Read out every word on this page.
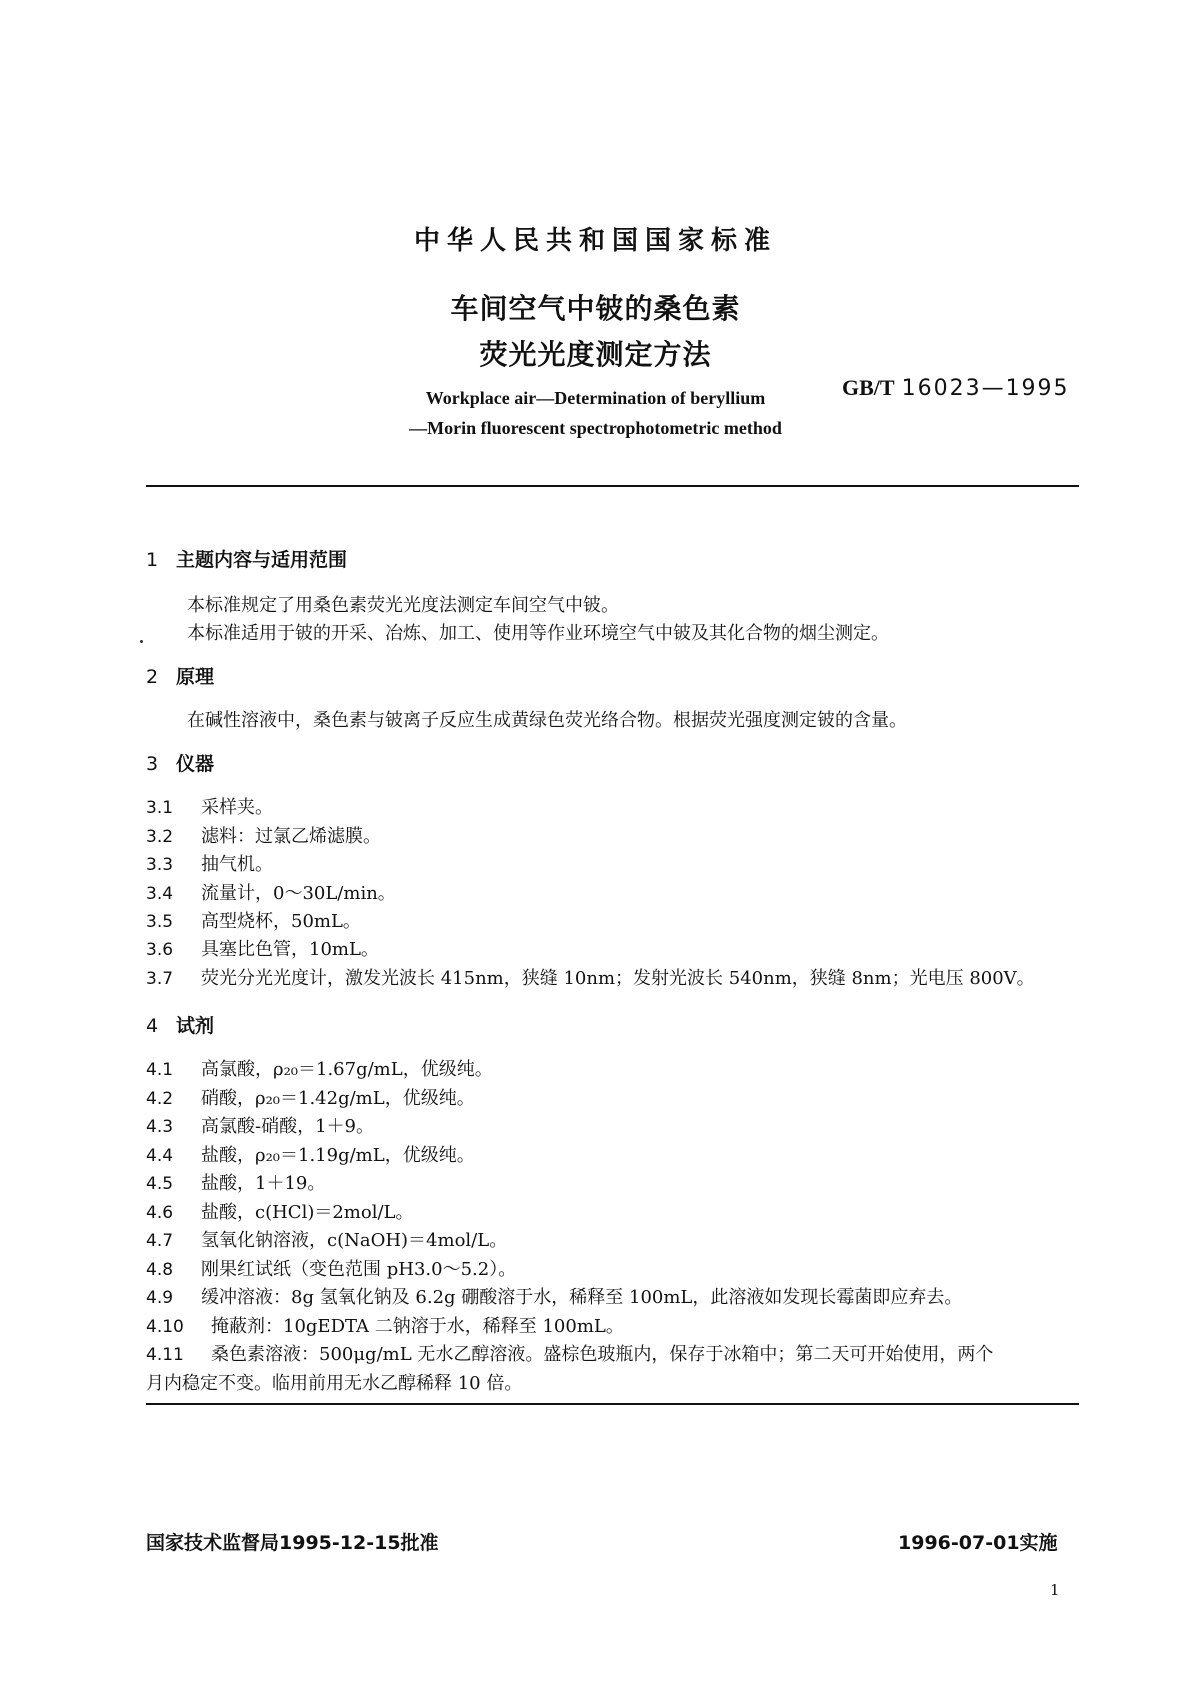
中华人民共和国国家标准
车间空气中铍的桑色素
荧光光度测定方法
GB/T 16023—1995
Workplace air—Determination of beryllium
—Morin fluorescent spectrophotometric method
1 主题内容与适用范围
本标准规定了用桑色素荧光光度法测定车间空气中铍。
本标准适用于铍的开采、冶炼、加工、使用等作业环境空气中铍及其化合物的烟尘测定。
2 原理
在碱性溶液中，桑色素与铍离子反应生成黄绿色荧光络合物。根据荧光强度测定铍的含量。
3 仪器
3.1 采样夹。
3.2 滤料：过氯乙烯滤膜。
3.3 抽气机。
3.4 流量计，0～30L/min。
3.5 高型烧杯，50mL。
3.6 具塞比色管，10mL。
3.7 荧光分光光度计，激发光波长 415nm，狭缝 10nm；发射光波长 540nm，狭缝 8nm；光电压 800V。
4 试剂
4.1 高氯酸，ρ₂₀＝1.67g/mL，优级纯。
4.2 硝酸，ρ₂₀＝1.42g/mL，优级纯。
4.3 高氯酸-硝酸，1＋9。
4.4 盐酸，ρ₂₀＝1.19g/mL，优级纯。
4.5 盐酸，1＋19。
4.6 盐酸，c(HCl)＝2mol/L。
4.7 氢氧化钠溶液，c(NaOH)＝4mol/L。
4.8 刚果红试纸（变色范围 pH3.0～5.2）。
4.9 缓冲溶液：8g 氢氧化钠及 6.2g 硼酸溶于水，稀释至 100mL，此溶液如发现长霉菌即应弃去。
4.10 掩蔽剂：10gEDTA 二钠溶于水，稀释至 100mL。
4.11 桑色素溶液：500μg/mL 无水乙醇溶液。盛棕色玻瓶内，保存于冰箱中；第二天可开始使用，两个
月内稳定不变。临用前用无水乙醇稀释 10 倍。
国家技术监督局1995-12-15批准	1996-07-01实施
1
